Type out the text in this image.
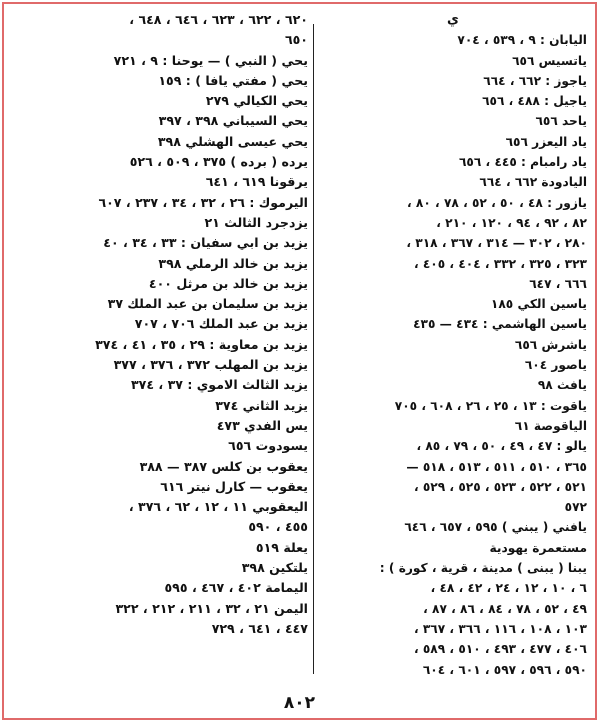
ي
اليابان : ٩ ، ٥٣٩ ، ٧٠٤
ياتسيس ٦٥٦
ياجوز : ٦٦٢ ، ٦٦٤
ياجيل : ٤٨٨ ، ٦٥٦
ياحد ٦٥٦
ياد اليعزر ٦٥٦
ياد رامبام : ٤٤٥ ، ٦٥٦
اليادودة ٦٦٢ ، ٦٦٤
يازور : ٤٨ ، ٥٠ ، ٥٢ ، ٧٨ ، ٨٠ ،
٨٢ ، ٩٢ ، ٩٤ ، ١٢٠ ، ٢١٠ ،
٢٨٠ ، ٣٠٢ — ٣١٤ ، ٣٦٧ ، ٣١٨ ،
٣٢٣ ، ٣٢٥ ، ٣٣٢ ، ٤٠٤ ، ٤٠٥ ،
٦٦٦ ، ٦٤٧
ياسين الكي ١٨٥
ياسين الهاشمي : ٤٣٤ — ٤٣٥
ياشرش ٦٥٦
ياصور ٦٠٤
يافث ٩٨
ياقوت : ١٣ ، ٢٥ ، ٢٦ ، ٦٠٨ ، ٧٠٥
الياقوصة ٦١
يالو : ٤٧ ، ٤٩ ، ٥٠ ، ٧٩ ، ٨٥ ،
٣٦٥ ، ٥١٠ ، ٥١١ ، ٥١٣ ، ٥١٨ —
٥٢١ ، ٥٢٢ ، ٥٢٣ ، ٥٢٥ ، ٥٢٩ ،
٥٧٢
يافني ( يبني ) ٥٩٥ ، ٦٥٧ ، ٦٤٦
مستعمرة يهودية
يبنا ( يبنى ) مدينة ، قرية ، كورة ) :
٦ ، ١٠ ، ١٢ ، ٢٤ ، ٤٢ ، ٤٨ ،
٤٩ ، ٥٢ ، ٧٨ ، ٨٤ ، ٨٦ ، ٨٧ ،
١٠٣ ، ١٠٨ ، ١١٦ ، ٣٦٦ ، ٣٦٧ ،
٤٠٦ ، ٤٧٧ ، ٤٩٣ ، ٥١٠ ، ٥٨٩ ،
٥٩٠ ، ٥٩٦ ، ٥٩٧ ، ٦٠١ ، ٦٠٤
٦٢٠ ، ٦٢٢ ، ٦٢٣ ، ٦٤٦ ، ٦٤٨ ،
٦٥٠
يحي ( النبي ) — يوحنا : ٩ ، ٧٢١
يحي ( مفتي يافا ) : ١٥٩
يحي الكيالي ٢٧٩
يحي السيباني ٣٩٨ ، ٣٩٧
يحي عيسى الهشلي ٣٩٨
يرده ( برده ) ٣٧٥ ، ٥٠٩ ، ٥٢٦
يرقونا ٦١٩ ، ٦٤١
اليرموك : ٢٦ ، ٣٢ ، ٣٤ ، ٢٣٧ ، ٦٠٧
يزدجرد الثالث ٢١
يزيد بن ابي سفيان : ٣٣ ، ٣٤ ، ٤٠
يزيد بن خالد الرملي ٣٩٨
يزيد بن خالد بن مرثل ٤٠٠
يزيد بن سليمان بن عبد الملك ٣٧
يزيد بن عبد الملك ٧٠٦ ، ٧٠٧
يزيد بن معاوية : ٢٩ ، ٣٥ ، ٤١ ، ٣٧٤
يزيد بن المهلب ٣٧٢ ، ٣٧٦ ، ٣٧٧
يزيد الثالث الاموي : ٣٧ ، ٣٧٤
يزيد الثاني ٣٧٤
يس الفدي ٤٧٣
يسودوت ٦٥٦
يعقوب بن كلس ٣٨٧ — ٣٨٨
يعقوب — كارل نيتر ٦١٦
اليعقوبي ١١ ، ١٢ ، ٦٢ ، ٣٧٦ ،
٤٥٥ ، ٥٩٠
يعلة ٥١٩
يلتكين ٣٩٨
اليمامة ٤٠٢ ، ٤٦٧ ، ٥٩٥
اليمن ٢١ ، ٣٢ ، ٢١١ ، ٢١٢ ، ٣٢٢
٤٤٧ ، ٦٤١ ، ٧٢٩
٨٠٢
